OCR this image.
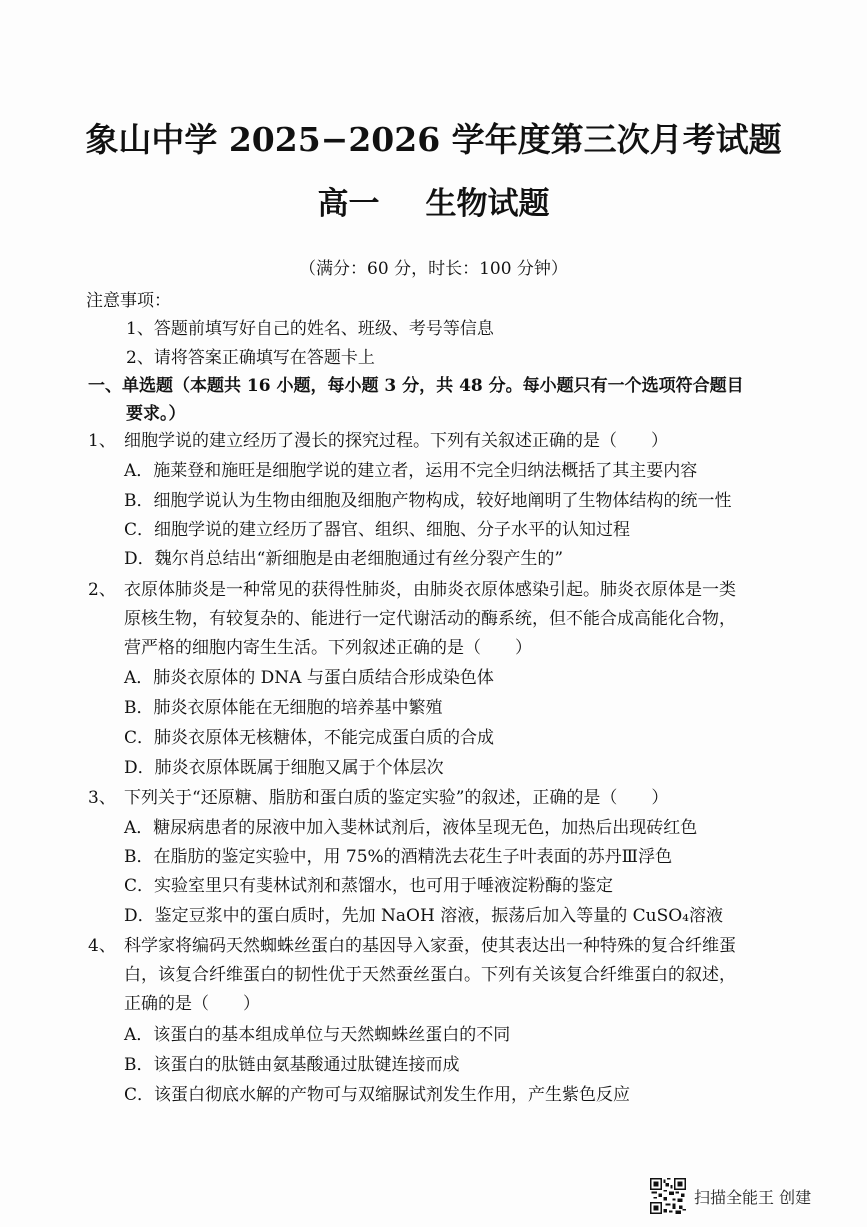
象山中学 2025−2026 学年度第三次月考试题
高一 生物试题
（满分：60 分，时长：100 分钟）
注意事项：
1、答题前填写好自己的姓名、班级、考号等信息
2、请将答案正确填写在答题卡上
一、单选题（本题共 16 小题，每小题 3 分，共 48 分。每小题只有一个选项符合题目
要求。）
1、 细胞学说的建立经历了漫长的探究过程。下列有关叙述正确的是（　　）
A．施莱登和施旺是细胞学说的建立者，运用不完全归纳法概括了其主要内容
B．细胞学说认为生物由细胞及细胞产物构成，较好地阐明了生物体结构的统一性
C．细胞学说的建立经历了器官、组织、细胞、分子水平的认知过程
D．魏尔肖总结出“新细胞是由老细胞通过有丝分裂产生的”
2、 衣原体肺炎是一种常见的获得性肺炎，由肺炎衣原体感染引起。肺炎衣原体是一类
原核生物，有较复杂的、能进行一定代谢活动的酶系统，但不能合成高能化合物，
营严格的细胞内寄生生活。下列叙述正确的是（　　）
A．肺炎衣原体的 DNA 与蛋白质结合形成染色体
B．肺炎衣原体能在无细胞的培养基中繁殖
C．肺炎衣原体无核糖体，不能完成蛋白质的合成
D．肺炎衣原体既属于细胞又属于个体层次
3、 下列关于“还原糖、脂肪和蛋白质的鉴定实验”的叙述，正确的是（　　）
A．糖尿病患者的尿液中加入斐林试剂后，液体呈现无色，加热后出现砖红色
B．在脂肪的鉴定实验中，用 75%的酒精洗去花生子叶表面的苏丹Ⅲ浮色
C．实验室里只有斐林试剂和蒸馏水，也可用于唾液淀粉酶的鉴定
D．鉴定豆浆中的蛋白质时，先加 NaOH 溶液，振荡后加入等量的 CuSO₄溶液
4、 科学家将编码天然蜘蛛丝蛋白的基因导入家蚕，使其表达出一种特殊的复合纤维蛋
白，该复合纤维蛋白的韧性优于天然蚕丝蛋白。下列有关该复合纤维蛋白的叙述，
正确的是（　　）
A．该蛋白的基本组成单位与天然蜘蛛丝蛋白的不同
B．该蛋白的肽链由氨基酸通过肽键连接而成
C．该蛋白彻底水解的产物可与双缩脲试剂发生作用，产生紫色反应
扫描全能王 创建
